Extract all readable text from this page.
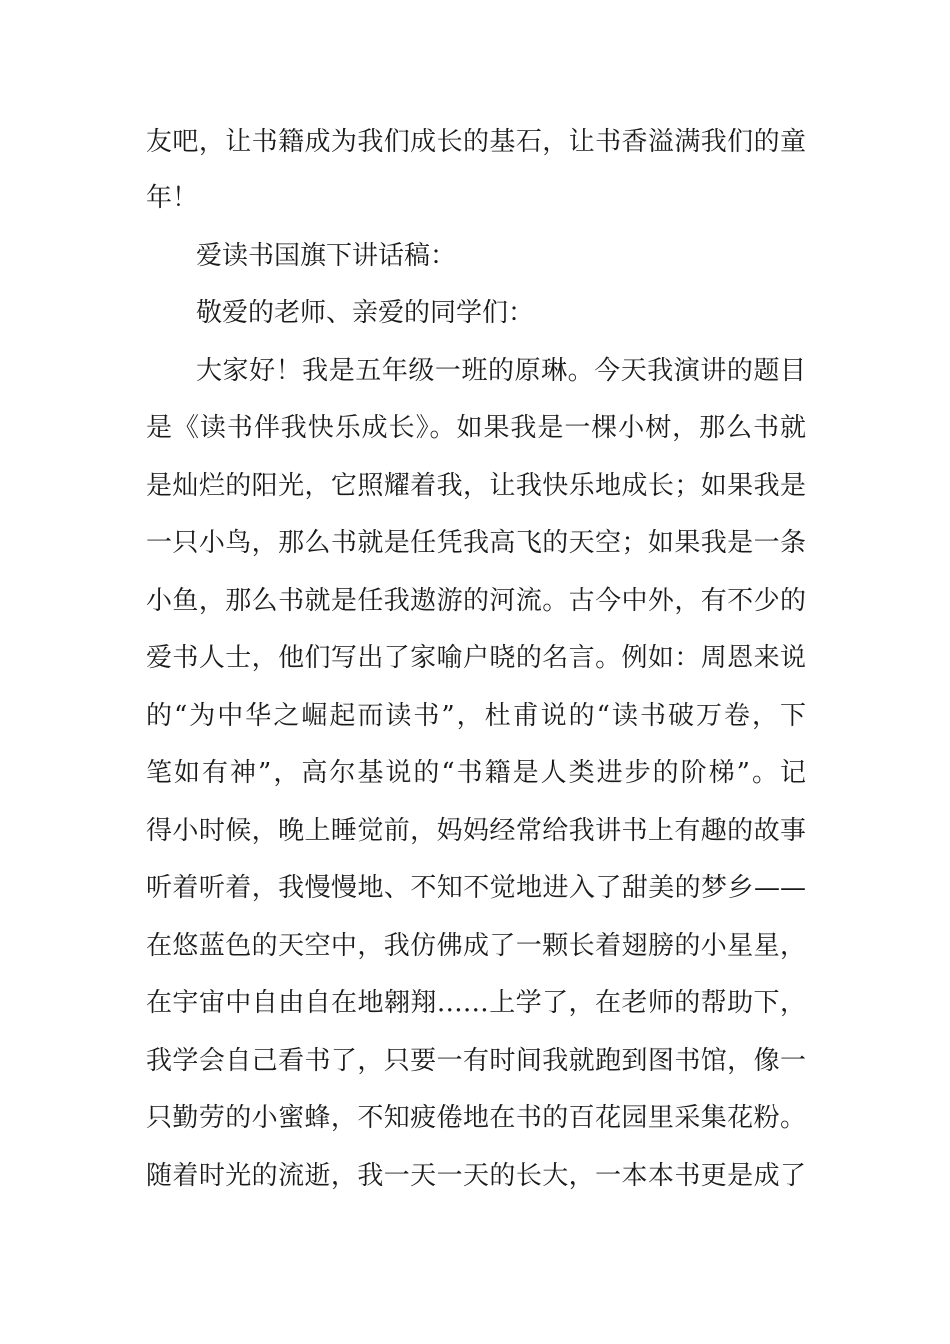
友吧，让书籍成为我们成长的基石，让书香溢满我们的童
年！
爱读书国旗下讲话稿：
敬爱的老师、亲爱的同学们：
大家好！我是五年级一班的原琳。今天我演讲的题目
是《读书伴我快乐成长》。如果我是一棵小树，那么书就
是灿烂的阳光，它照耀着我，让我快乐地成长；如果我是
一只小鸟，那么书就是任凭我高飞的天空；如果我是一条
小鱼，那么书就是任我遨游的河流。古今中外，有不少的
爱书人士，他们写出了家喻户晓的名言。例如：周恩来说
的“为中华之崛起而读书”，杜甫说的“读书破万卷，下
笔如有神”，高尔基说的“书籍是人类进步的阶梯”。记
得小时候，晚上睡觉前，妈妈经常给我讲书上有趣的故事
听着听着，我慢慢地、不知不觉地进入了甜美的梦乡——
在悠蓝色的天空中，我仿佛成了一颗长着翅膀的小星星，
在宇宙中自由自在地翱翔……上学了，在老师的帮助下，
我学会自己看书了，只要一有时间我就跑到图书馆，像一
只勤劳的小蜜蜂，不知疲倦地在书的百花园里采集花粉。
随着时光的流逝，我一天一天的长大，一本本书更是成了
